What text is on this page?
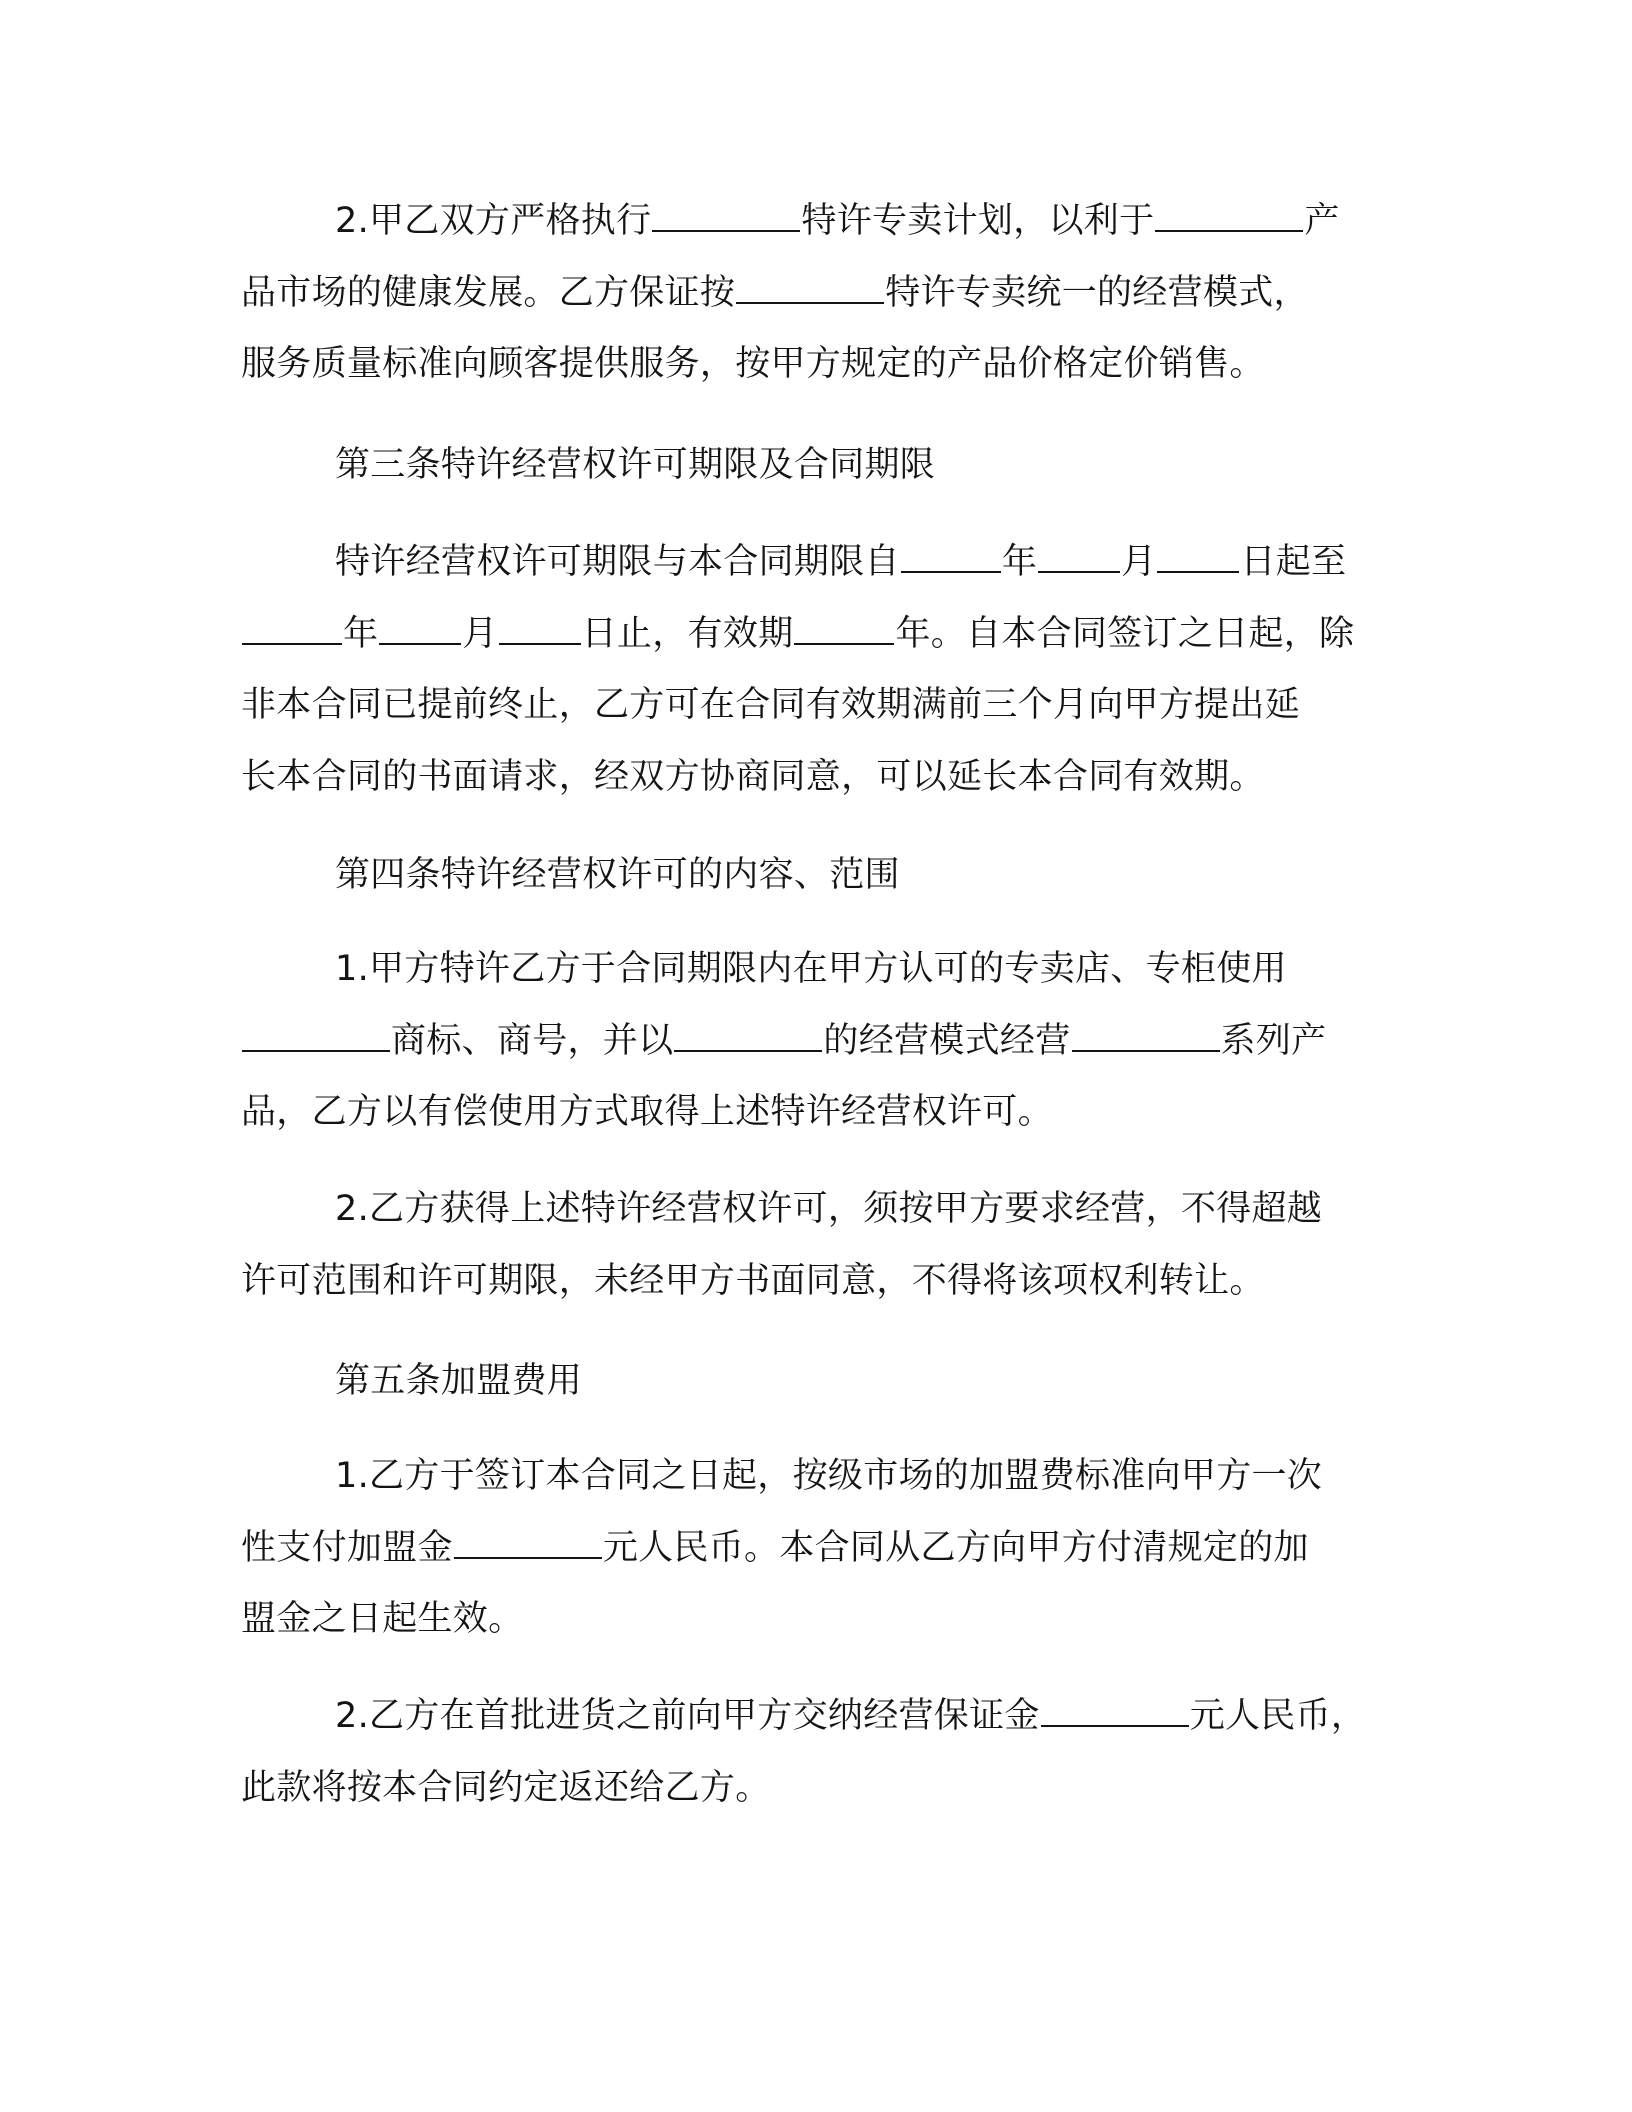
2.甲乙双方严格执行	特许专卖计划，以利于	产
品市场的健康发展。乙方保证按	特许专卖统一的经营模式，
服务质量标准向顾客提供服务，按甲方规定的产品价格定价销售。
第三条特许经营权许可期限及合同期限
特许经营权许可期限与本合同期限自	年 月 日起至
年 月 日止，有效期	年。自本合同签订之日起，除
非本合同已提前终止，乙方可在合同有效期满前三个月向甲方提出延
长本合同的书面请求，经双方协商同意，可以延长本合同有效期。
第四条特许经营权许可的内容、范围
1.甲方特许乙方于合同期限内在甲方认可的专卖店、专柜使用
商标、商号，并以	的经营模式经营	系列产
品，乙方以有偿使用方式取得上述特许经营权许可。
2.乙方获得上述特许经营权许可，须按甲方要求经营，不得超越
许可范围和许可期限，未经甲方书面同意，不得将该项权利转让。
第五条加盟费用
1.乙方于签订本合同之日起，按级市场的加盟费标准向甲方一次
性支付加盟金	元人民币。本合同从乙方向甲方付清规定的加
盟金之日起生效。
2.乙方在首批进货之前向甲方交纳经营保证金	元人民币，
此款将按本合同约定返还给乙方。
